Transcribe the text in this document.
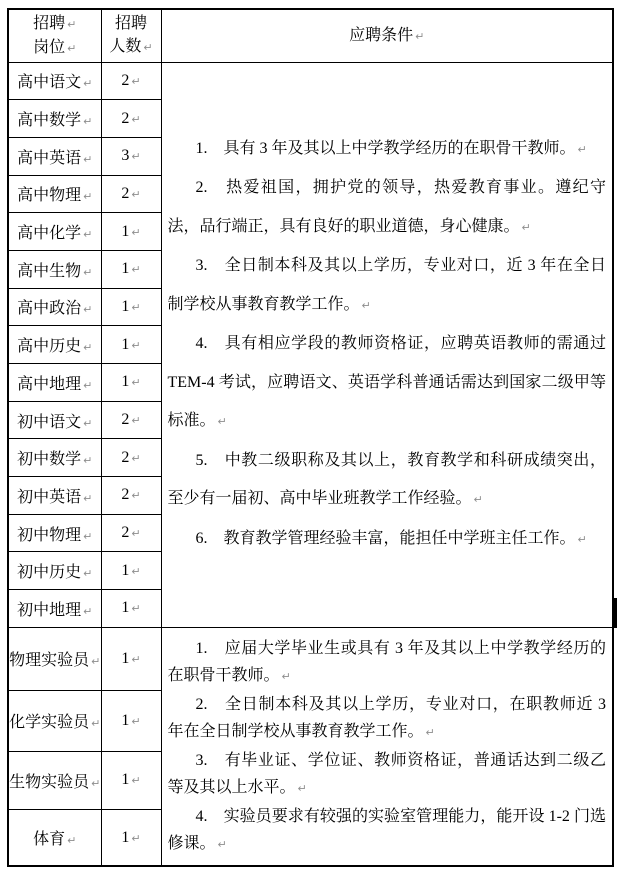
招聘 ↵
岗位 ↵

招聘
人数 ↵
	应聘条件 ↵
高中语文 ↵	2 ↵	

1.　具有 3 年及其以上中学教学经历的在职骨干教师。 ↵

2.　热爱祖国，拥护党的领导，热爱教育事业。遵纪守法，品行端正，具有良好的职业道德，身心健康。 ↵

3.　全日制本科及其以上学历，专业对口，近 3 年在全日制学校从事教育教学工作。 ↵

4.　具有相应学段的教师资格证，应聘英语教师的需通过 TEM-4 考试，应聘语文、英语学科普通话需达到国家二级甲等标准。 ↵

5.　中教二级职称及其以上，教育教学和科研成绩突出，至少有一届初、高中毕业班教学工作经验。 ↵

6.　教育教学管理经验丰富，能担任中学班主任工作。 ↵

高中数学 ↵	2 ↵	
高中英语 ↵	3 ↵	
高中物理 ↵	2 ↵	
高中化学 ↵	1 ↵	
高中生物 ↵	1 ↵	
高中政治 ↵	1 ↵	
高中历史 ↵	1 ↵	
高中地理 ↵	1 ↵	
初中语文 ↵	2 ↵	
初中数学 ↵	2 ↵	
初中英语 ↵	2 ↵	
初中物理 ↵	2 ↵	
初中历史 ↵	1 ↵	
初中地理 ↵	1 ↵	
物理实验员 ↵	1 ↵	1.　应届大学毕业生或具有 3 年及其以上中学教学经历的在职骨干教师。 ↵

2.　全日制本科及其以上学历，专业对口，在职教师近 3 年在全日制学校从事教育教学工作。 ↵

3.　有毕业证、学位证、教师资格证，普通话达到二级乙等及其以上水平。 ↵

4.　实验员要求有较强的实验室管理能力，能开设 1-2 门选修课。 ↵

化学实验员 ↵	1 ↵	
生物实验员 ↵	1 ↵	
体育 ↵	1 ↵	
